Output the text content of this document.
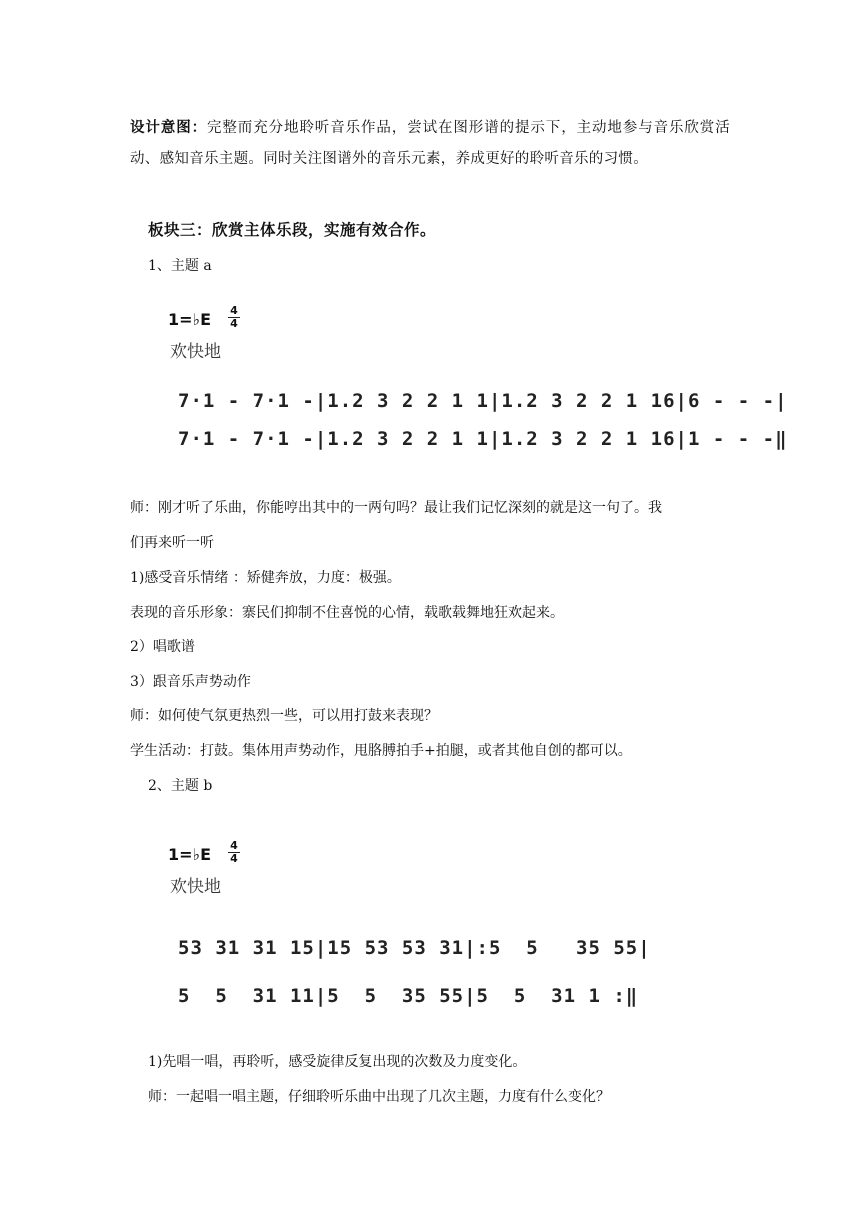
设计意图：完整而充分地聆听音乐作品，尝试在图形谱的提示下，主动地参与音乐欣赏活动、感知音乐主题。同时关注图谱外的音乐元素，养成更好的聆听音乐的习惯。
板块三：欣赏主体乐段，实施有效合作。
1、主题 a
1=♭E 4
4
欢快地
7·1 - 7·1 -|1.2 3 2 2 1 1|1.2 3 2 2 1 16|6 - - -|
7·1 - 7·1 -|1.2 3 2 2 1 1|1.2 3 2 2 1 16|1 - - -‖
师：刚才听了乐曲，你能哼出其中的一两句吗？最让我们记忆深刻的就是这一句了。我
们再来听一听
1)感受音乐情绪 ：矫健奔放，力度：极强。
表现的音乐形象：寨民们抑制不住喜悦的心情，载歌载舞地狂欢起来。
2）唱歌谱
3）跟音乐声势动作
师：如何使气氛更热烈一些，可以用打鼓来表现？
学生活动：打鼓。集体用声势动作，甩胳膊拍手+拍腿，或者其他自创的都可以。
2、主题 b
1=♭E 4
4
欢快地
53 31 31 15|15 53 53 31|:5  5   35 55|
5  5  31 11|5  5  35 55|5  5  31 1 :‖
1)先唱一唱，再聆听，感受旋律反复出现的次数及力度变化。
师：一起唱一唱主题，仔细聆听乐曲中出现了几次主题，力度有什么变化？
